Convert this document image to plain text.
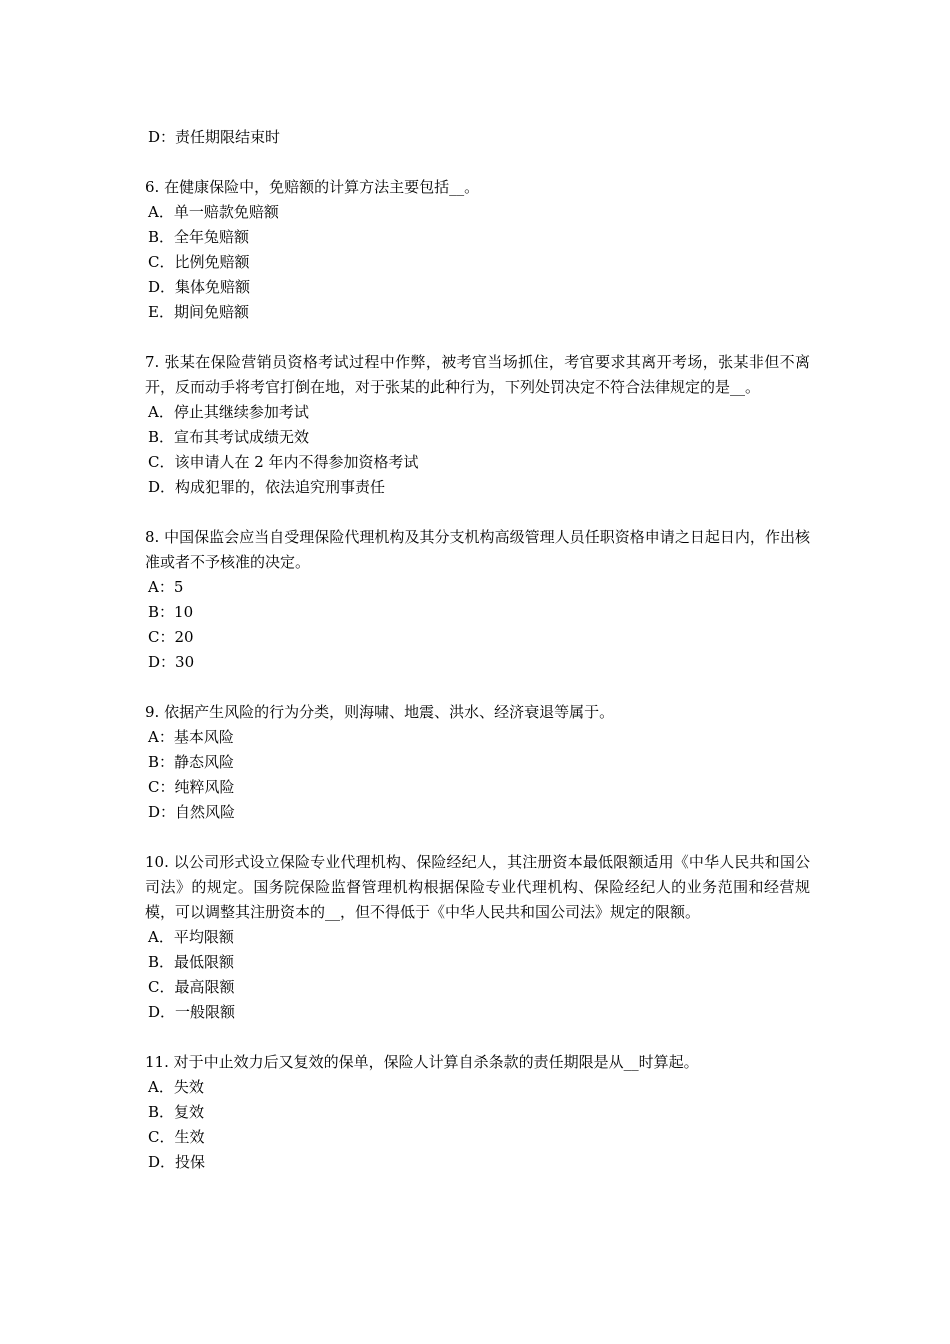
D：责任期限结束时

6. 在健康保险中，免赔额的计算方法主要包括__。

A．单一赔款免赔额

B．全年兔赔额

C．比例免赔额

D．集体免赔额

E．期间免赔额

7. 张某在保险营销员资格考试过程中作弊，被考官当场抓住，考官要求其离开考场，张某非但不离开，反而动手将考官打倒在地，对于张某的此种行为，下列处罚决定不符合法律规定的是__。

A．停止其继续参加考试

B．宣布其考试成绩无效

C．该申请人在 2 年内不得参加资格考试

D．构成犯罪的，依法追究刑事责任

8. 中国保监会应当自受理保险代理机构及其分支机构高级管理人员任职资格申请之日起日内，作出核准或者不予核准的决定。

A：5

B：10

C：20

D：30

9. 依据产生风险的行为分类，则海啸、地震、洪水、经济衰退等属于。

A：基本风险

B：静态风险

C：纯粹风险

D：自然风险

10. 以公司形式设立保险专业代理机构、保险经纪人，其注册资本最低限额适用《中华人民共和国公司法》的规定。国务院保险监督管理机构根据保险专业代理机构、保险经纪人的业务范围和经营规模，可以调整其注册资本的__，但不得低于《中华人民共和国公司法》规定的限额。

A．平均限额

B．最低限额

C．最高限额

D．一般限额

11. 对于中止效力后又复效的保单，保险人计算自杀条款的责任期限是从__时算起。

A．失效

B．复效

C．生效

D．投保
